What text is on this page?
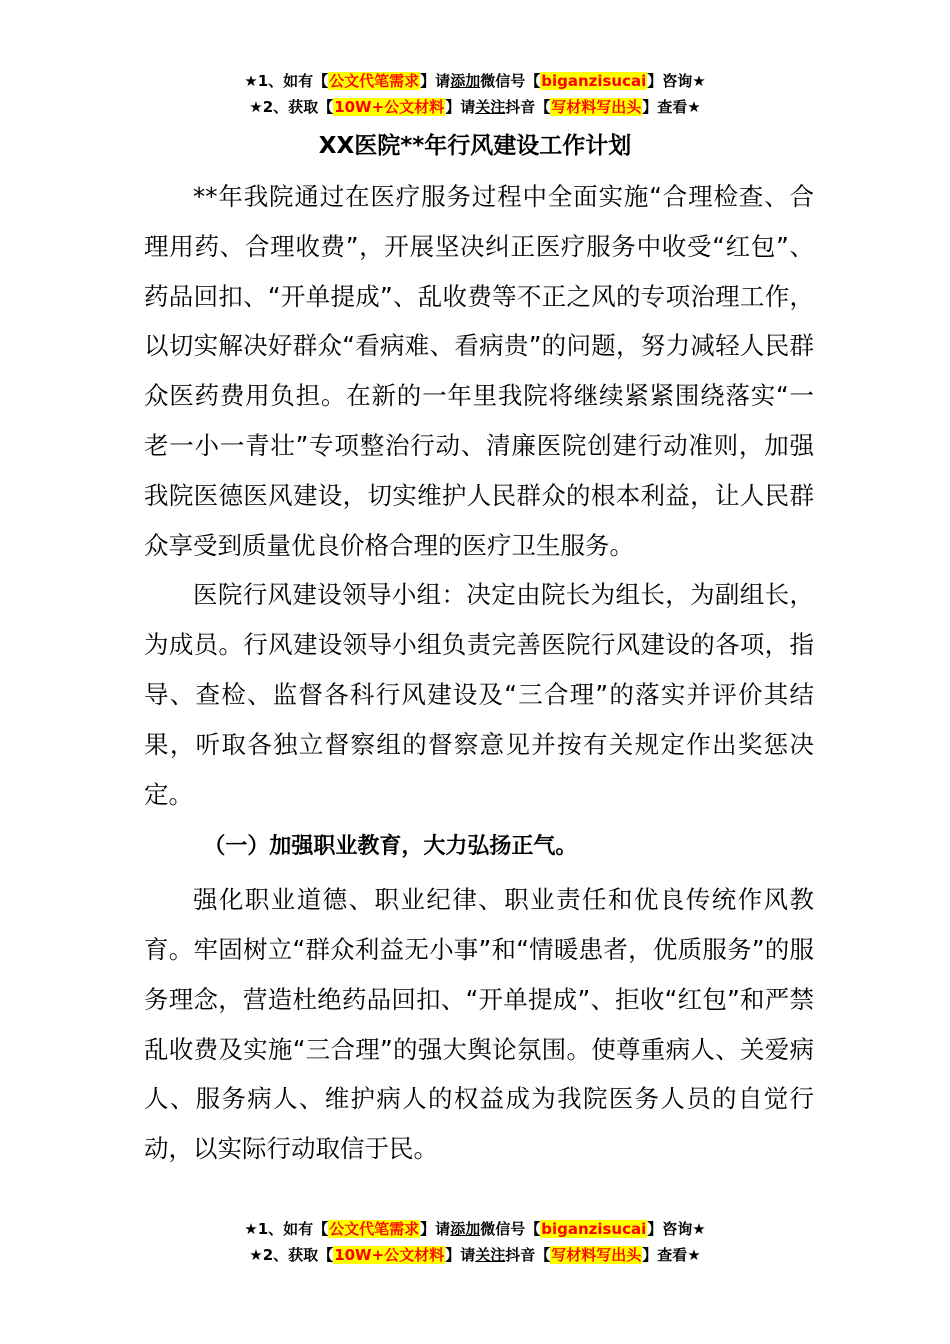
★1、如有【公文代笔需求】请添加微信号【biganzisucai】咨询★
★2、获取【10W+公文材料】请关注抖音【写材料写出头】查看★
XX医院**年行风建设工作计划

**年我院通过在医疗服务过程中全面实施“合理检查、合理用药、合理收费”，开展坚决纠正医疗服务中收受“红包”、药品回扣、“开单提成”、乱收费等不正之风的专项治理工作，以切实解决好群众“看病难、看病贵”的问题，努力减轻人民群众医药费用负担。在新的一年里我院将继续紧紧围绕落实“一老一小一青壮”专项整治行动、清廉医院创建行动准则，加强我院医德医风建设，切实维护人民群众的根本利益，让人民群众享受到质量优良价格合理的医疗卫生服务。

医院行风建设领导小组：决定由院长为组长，为副组长，为成员。行风建设领导小组负责完善医院行风建设的各项，指导、查检、监督各科行风建设及“三合理”的落实并评价其结果，听取各独立督察组的督察意见并按有关规定作出奖惩决定。

（一）加强职业教育，大力弘扬正气。

强化职业道德、职业纪律、职业责任和优良传统作风教育。牢固树立“群众利益无小事”和“情暖患者，优质服务”的服务理念，营造杜绝药品回扣、“开单提成”、拒收“红包”和严禁乱收费及实施“三合理”的强大舆论氛围。使尊重病人、关爱病人、服务病人、维护病人的权益成为我院医务人员的自觉行动，以实际行动取信于民。

★1、如有【公文代笔需求】请添加微信号【biganzisucai】咨询★
★2、获取【10W+公文材料】请关注抖音【写材料写出头】查看★
